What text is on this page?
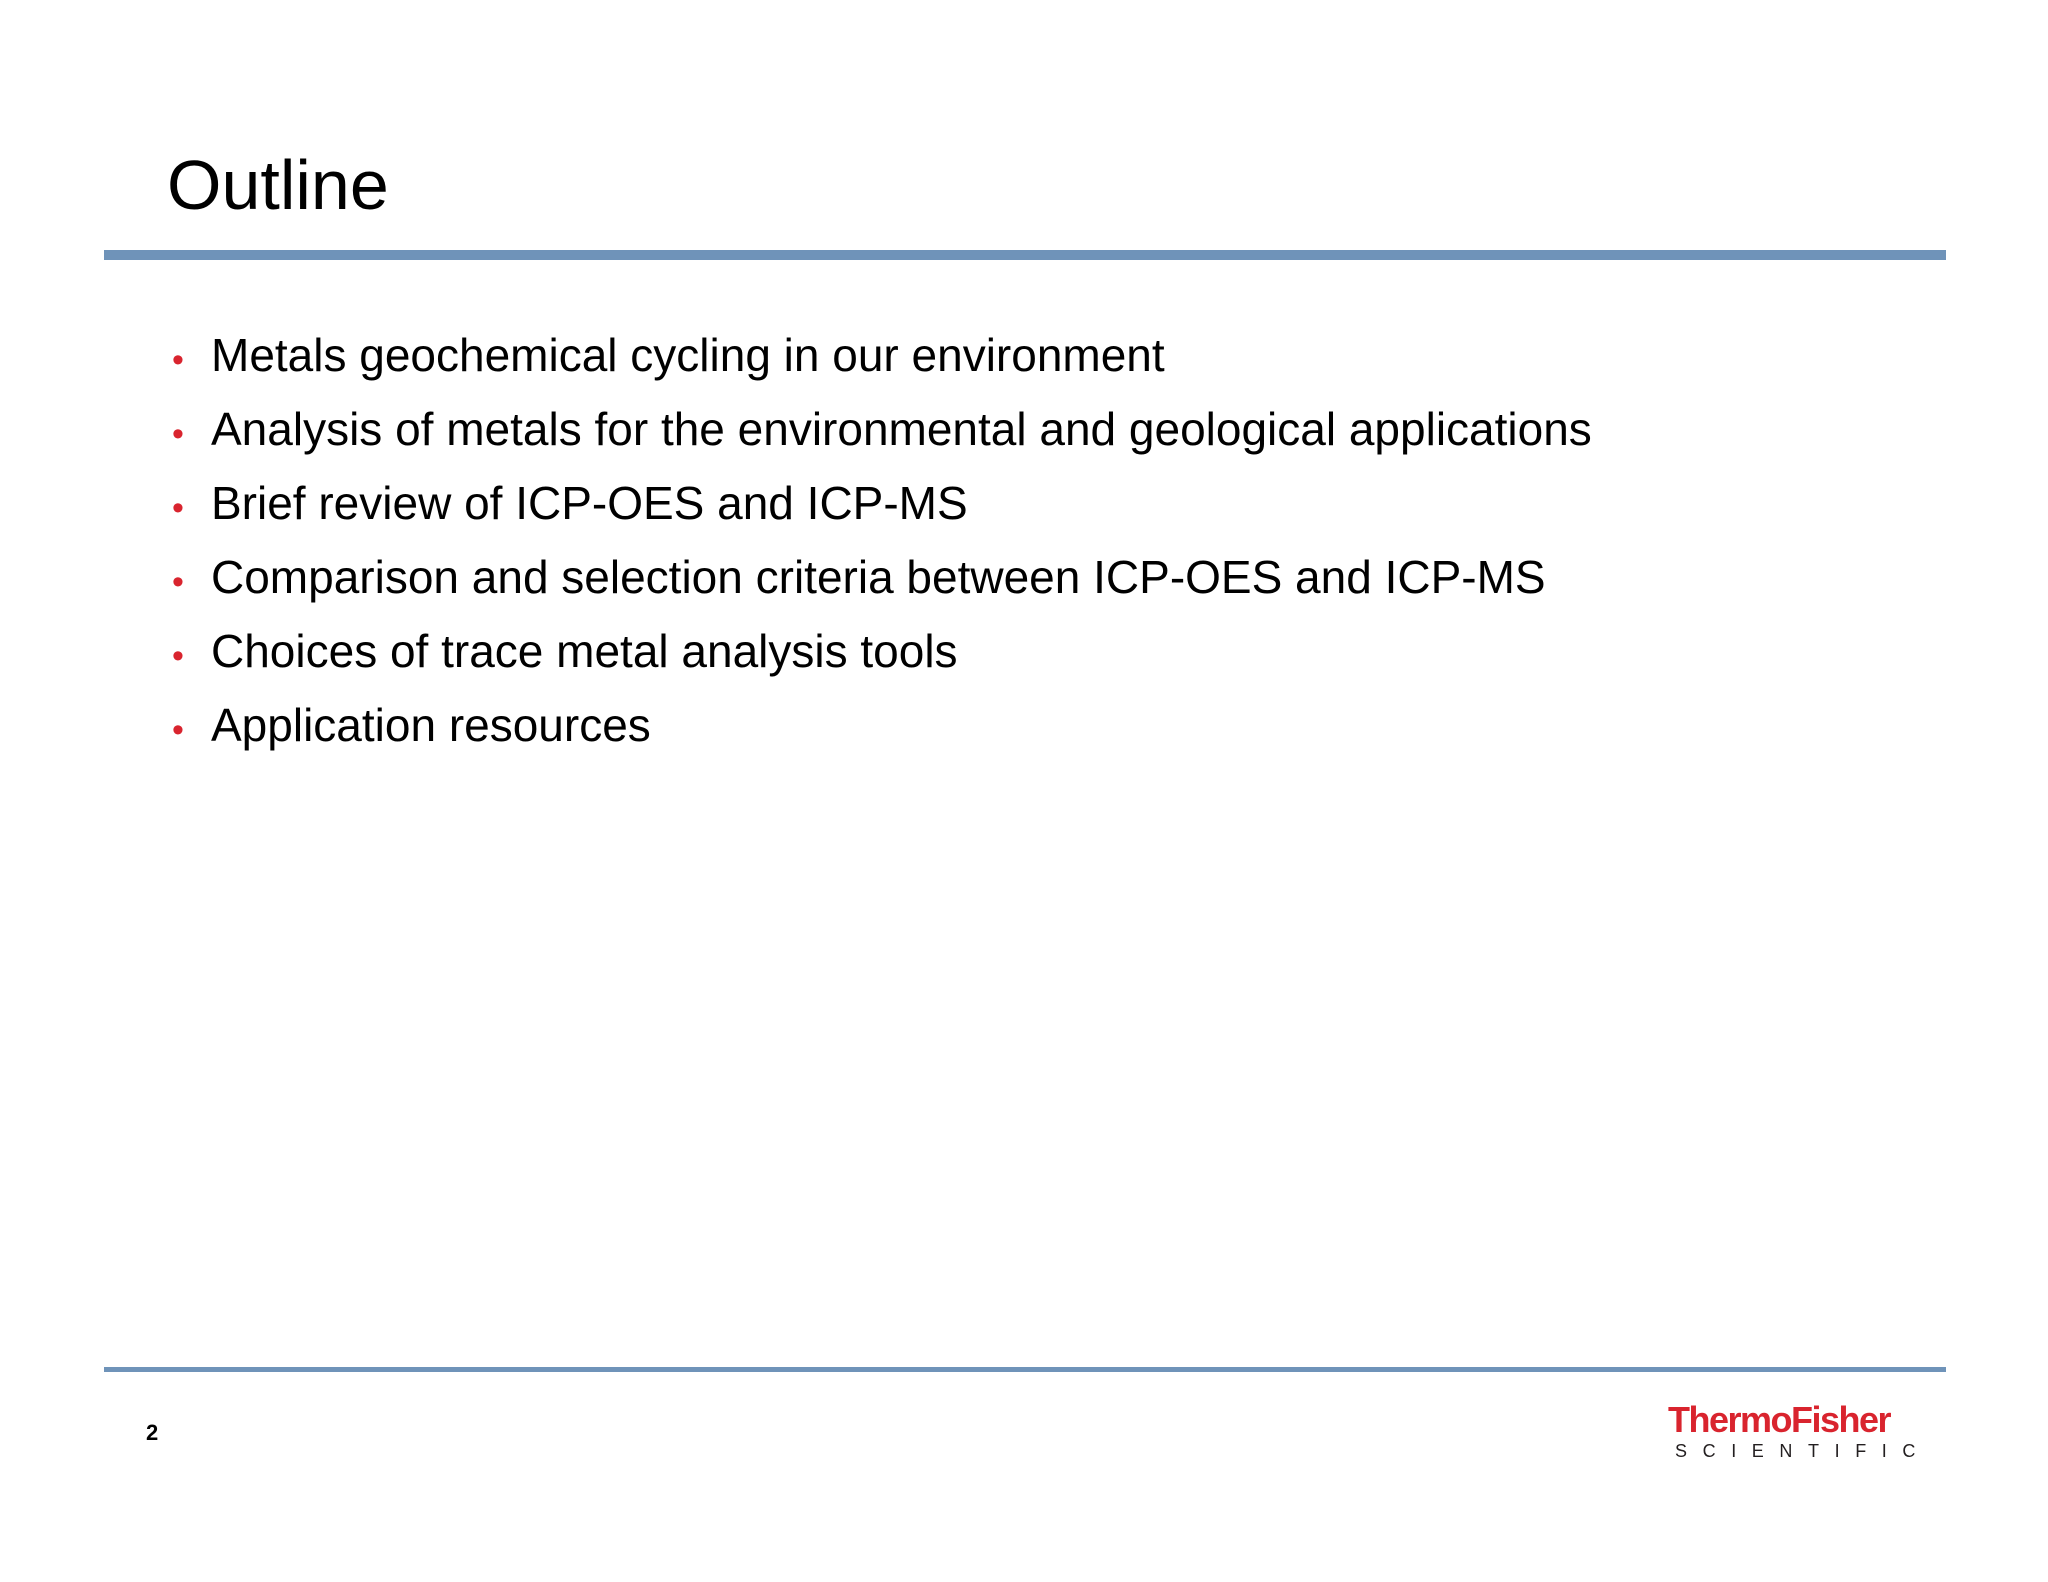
Outline
• Metals geochemical cycling in our environment
• Analysis of metals for the environmental and geological applications
• Brief review of ICP-OES and ICP-MS
• Comparison and selection criteria between ICP-OES and ICP-MS
• Choices of trace metal analysis tools
• Application resources
2	ThermoFisher
SCIENTIFIC
